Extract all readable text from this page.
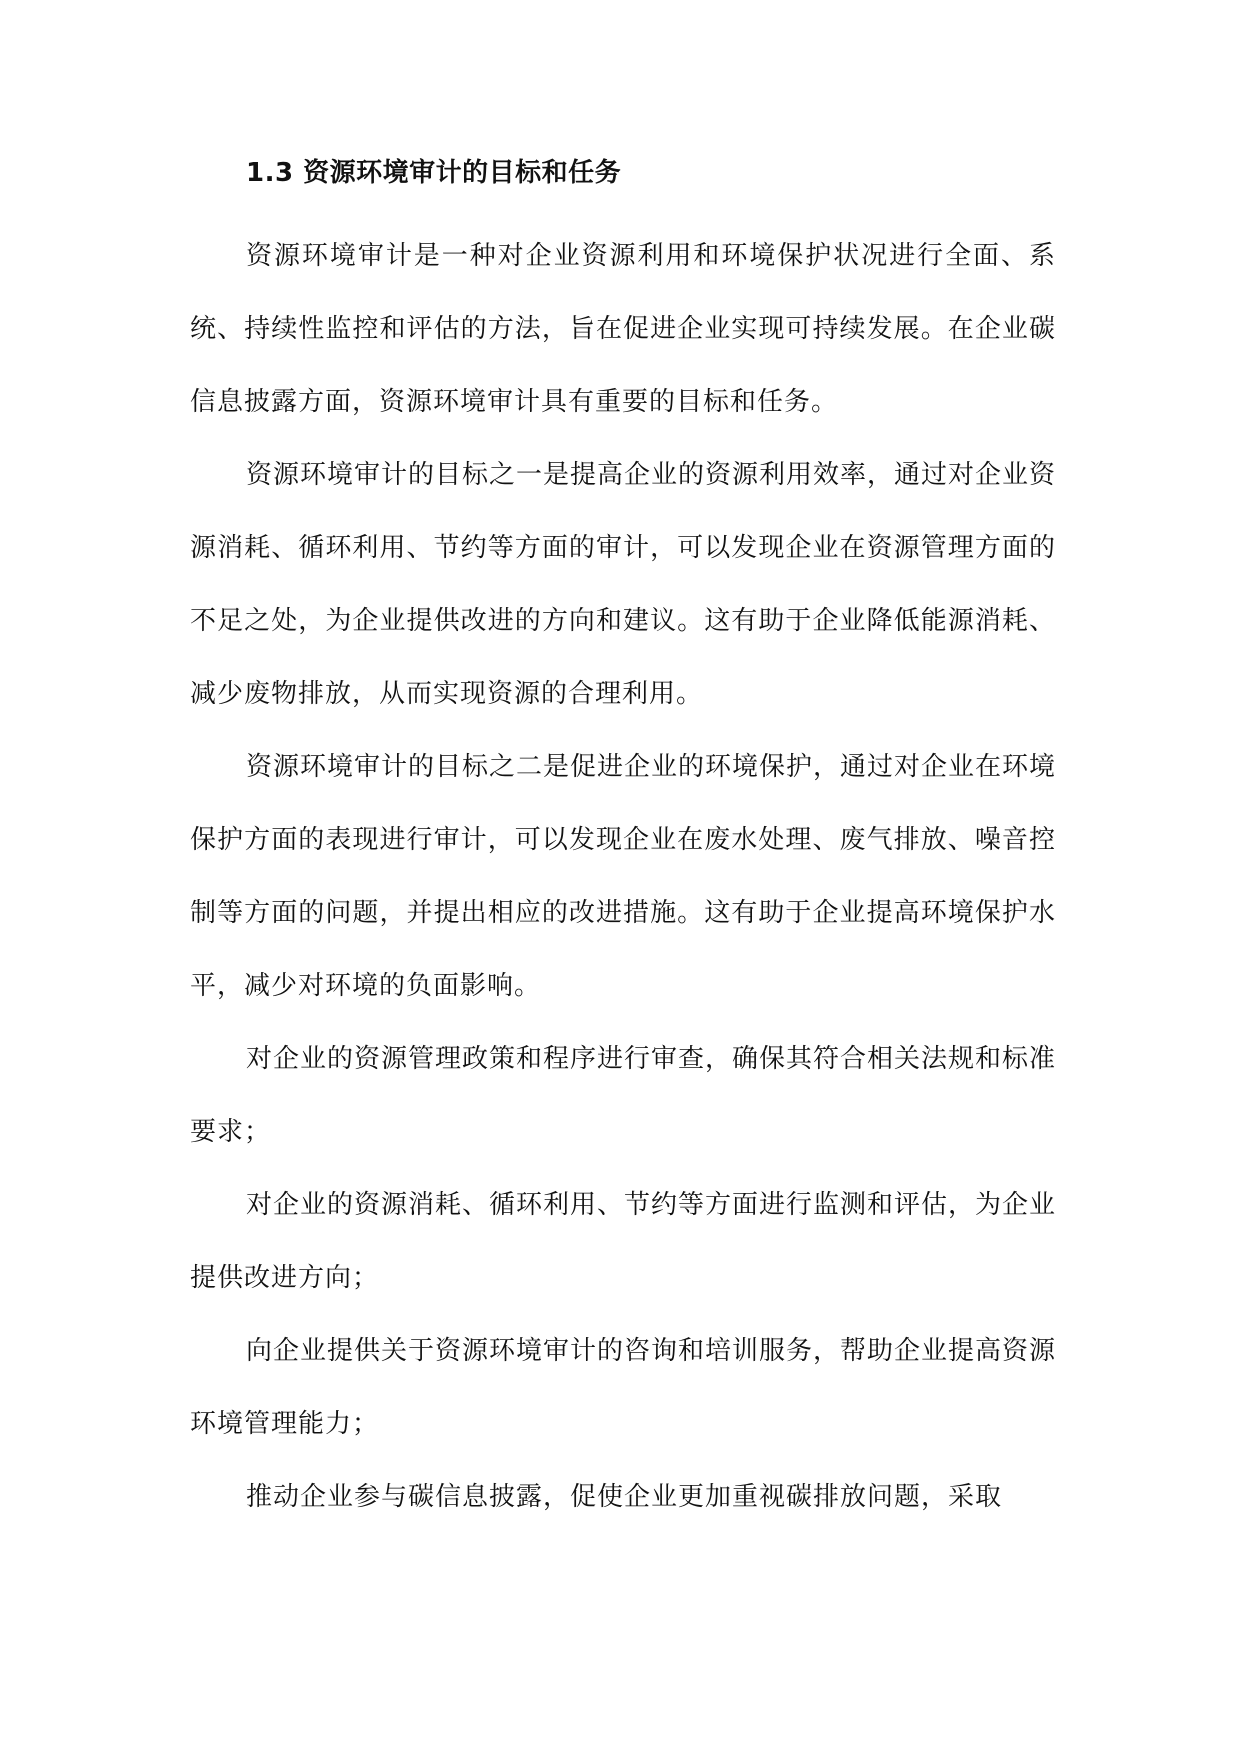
1.3 资源环境审计的目标和任务

资源环境审计是一种对企业资源利用和环境保护状况进行全面、系统、持续性监控和评估的方法，旨在促进企业实现可持续发展。在企业碳信息披露方面，资源环境审计具有重要的目标和任务。

资源环境审计的目标之一是提高企业的资源利用效率，通过对企业资源消耗、循环利用、节约等方面的审计，可以发现企业在资源管理方面的不足之处，为企业提供改进的方向和建议。这有助于企业降低能源消耗、减少废物排放，从而实现资源的合理利用。

资源环境审计的目标之二是促进企业的环境保护，通过对企业在环境保护方面的表现进行审计，可以发现企业在废水处理、废气排放、噪音控制等方面的问题，并提出相应的改进措施。这有助于企业提高环境保护水平，减少对环境的负面影响。

对企业的资源管理政策和程序进行审查，确保其符合相关法规和标准要求；

对企业的资源消耗、循环利用、节约等方面进行监测和评估，为企业提供改进方向；

向企业提供关于资源环境审计的咨询和培训服务，帮助企业提高资源环境管理能力；

推动企业参与碳信息披露，促使企业更加重视碳排放问题，采取
